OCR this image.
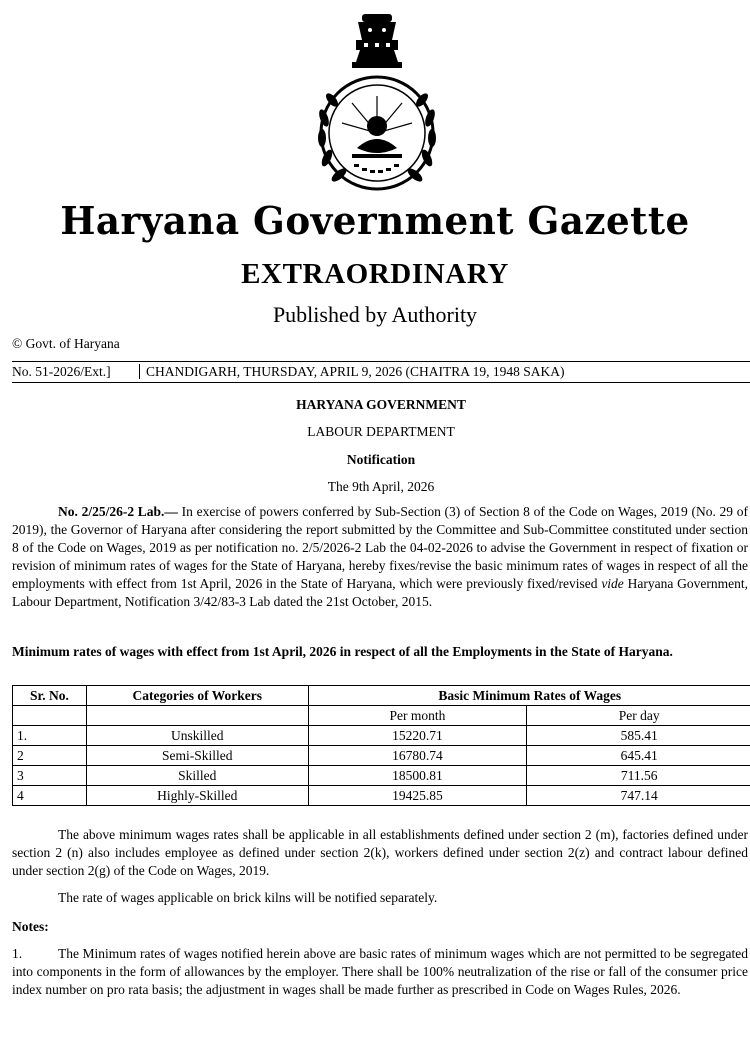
Haryana Government Gazette
EXTRAORDINARY
Published by Authority
© Govt. of Haryana
No. 51-2026/Ext.]	CHANDIGARH, THURSDAY, APRIL 9, 2026 (CHAITRA 19, 1948 SAKA)
HARYANA GOVERNMENT
LABOUR DEPARTMENT
Notification
The 9th April, 2026

No. 2/25/26-2 Lab.— In exercise of powers conferred by Sub-Section (3) of Section 8 of the Code on Wages, 2019 (No. 29 of 2019), the Governor of Haryana after considering the report submitted by the Committee and Sub-Committee constituted under section 8 of the Code on Wages, 2019 as per notification no. 2/5/2026-2 Lab the 04-02-2026 to advise the Government in respect of fixation or revision of minimum rates of wages for the State of Haryana, hereby fixes/revise the basic minimum rates of wages in respect of all the employments with effect from 1st April, 2026 in the State of Haryana, which were previously fixed/revised vide Haryana Government, Labour Department, Notification 3/42/83-3 Lab dated the 21st October, 2015.

Minimum rates of wages with effect from 1st April, 2026 in respect of all the Employments in the State of Haryana.

Sr. No.	Categories of Workers	Basic Minimum Rates of Wages	
		Per month	Per day
1.	Unskilled	15220.71	585.41
2	Semi-Skilled	16780.74	645.41
3	Skilled	18500.81	711.56
4	Highly-Skilled	19425.85	747.14

The above minimum wages rates shall be applicable in all establishments defined under section 2 (m), factories defined under section 2 (n) also includes employee as defined under section 2(k), workers defined under section 2(z) and contract labour defined under section 2(g) of the Code on Wages, 2019.

The rate of wages applicable on brick kilns will be notified separately.

Notes:

1.	The Minimum rates of wages notified herein above are basic rates of minimum wages which are not permitted to be segregated into components in the form of allowances by the employer. There shall be 100% neutralization of the rise or fall of the consumer price index number on pro rata basis; the adjustment in wages shall be made further as prescribed in Code on Wages Rules, 2026.
